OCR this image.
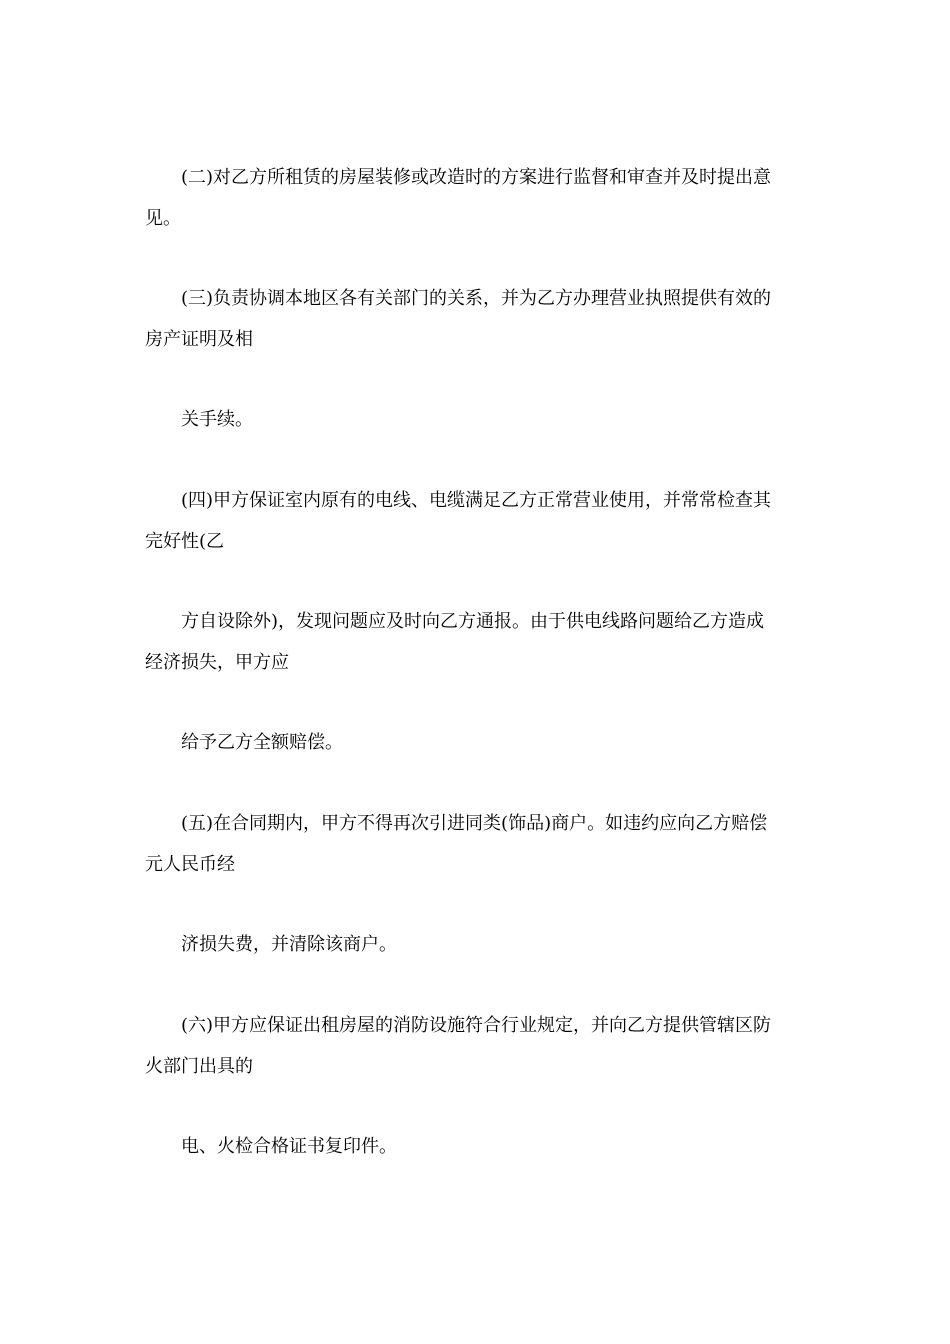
(二)对乙方所租赁的房屋装修或改造时的方案进行监督和审查并及时提出意
见。
(三)负责协调本地区各有关部门的关系，并为乙方办理营业执照提供有效的
房产证明及相
关手续。
(四)甲方保证室内原有的电线、电缆满足乙方正常营业使用，并常常检查其
完好性(乙
方自设除外)，发现问题应及时向乙方通报。由于供电线路问题给乙方造成
经济损失，甲方应
给予乙方全额赔偿。
(五)在合同期内，甲方不得再次引进同类(饰品)商户。如违约应向乙方赔偿
元人民币经
济损失费，并清除该商户。
(六)甲方应保证出租房屋的消防设施符合行业规定，并向乙方提供管辖区防
火部门出具的
电、火检合格证书复印件。
